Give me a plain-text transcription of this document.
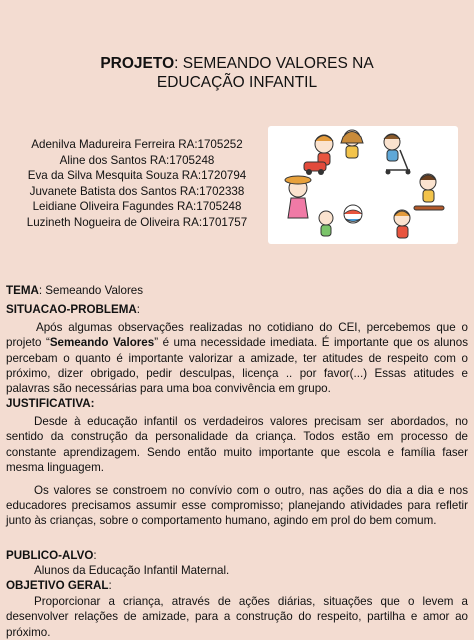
PROJETO: SEMEANDO VALORES NA
EDUCAÇÃO INFANTIL
Adenilva Madureira Ferreira RA:1705252
Aline dos Santos RA:1705248
Eva da Silva Mesquita Souza RA:1720794
Juvanete Batista dos Santos RA:1702338
Leidiane Oliveira Fagundes RA:1705248
Luzineth Nogueira de Oliveira RA:1701757
TEMA: Semeando Valores
SITUACAO-PROBLEMA:

Após algumas observações realizadas no cotidiano do CEI, percebemos que o projeto “Semeando Valores” é uma necessidade imediata. É importante que os alunos percebam o quanto é importante valorizar a amizade, ter atitudes de respeito com o próximo, dizer obrigado, pedir desculpas, licença .. por favor(...) Essas atitudes e palavras são necessárias para uma boa convivência em grupo.

JUSTIFICATIVA:

Desde à educação infantil os verdadeiros valores precisam ser abordados, no sentido da construção da personalidade da criança. Todos estão em processo de constante aprendizagem. Sendo então muito importante que escola e família faser mesma linguagem.

Os valores se constroem no convívio com o outro, nas ações do dia a dia e nos educadores precisamos assumir esse compromisso; planejando atividades para refletir junto às crianças, sobre o comportamento humano, agindo em prol do bem comum.

PUBLICO-ALVO:
Alunos da Educação Infantil Maternal.
OBJETIVO GERAL:

Proporcionar a criança, através de ações diárias, situações que o levem a desenvolver relações de amizade, para a construção do respeito, partilha e amor ao próximo.
